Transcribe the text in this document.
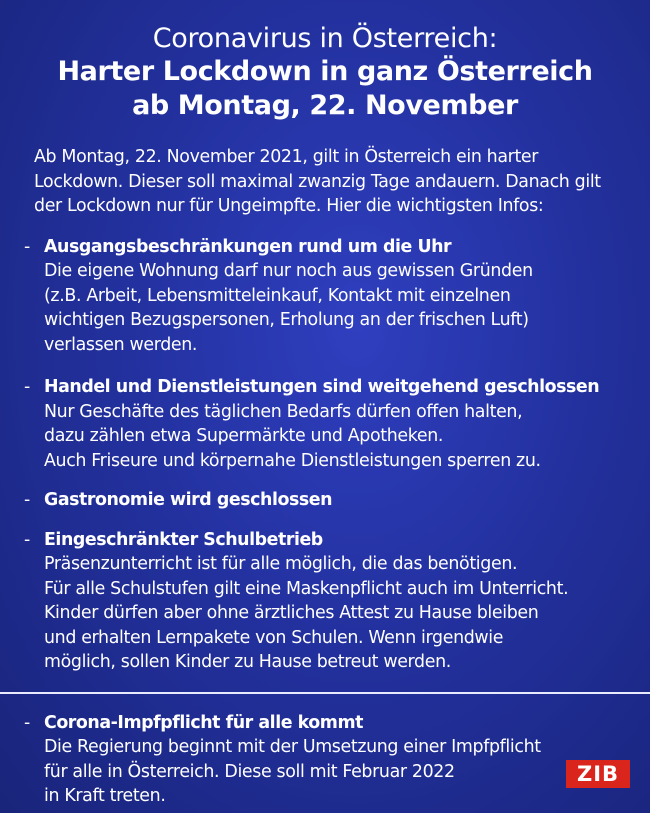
Coronavirus in Österreich:
Harter Lockdown in ganz Österreich
ab Montag, 22. November
Ab Montag, 22. November 2021, gilt in Österreich ein harter Lockdown. Dieser soll maximal zwanzig Tage andauern. Danach gilt der Lockdown nur für Ungeimpfte. Hier die wichtigsten Infos:
- Ausgangsbeschränkungen rund um die Uhr
Die eigene Wohnung darf nur noch aus gewissen Gründen
(z.B. Arbeit, Lebensmitteleinkauf, Kontakt mit einzelnen
wichtigen Bezugspersonen, Erholung an der frischen Luft)
verlassen werden.
- Handel und Dienstleistungen sind weitgehend geschlossen
Nur Geschäfte des täglichen Bedarfs dürfen offen halten,
dazu zählen etwa Supermärkte und Apotheken.
Auch Friseure und körpernahe Dienstleistungen sperren zu.
- Gastronomie wird geschlossen
- Eingeschränkter Schulbetrieb
Präsenzunterricht ist für alle möglich, die das benötigen.
Für alle Schulstufen gilt eine Maskenpflicht auch im Unterricht.
Kinder dürfen aber ohne ärztliches Attest zu Hause bleiben
und erhalten Lernpakete von Schulen. Wenn irgendwie
möglich, sollen Kinder zu Hause betreut werden.
- Corona-Impfpflicht für alle kommt
Die Regierung beginnt mit der Umsetzung einer Impfpflicht
für alle in Österreich. Diese soll mit Februar 2022
in Kraft treten.
ZIB
